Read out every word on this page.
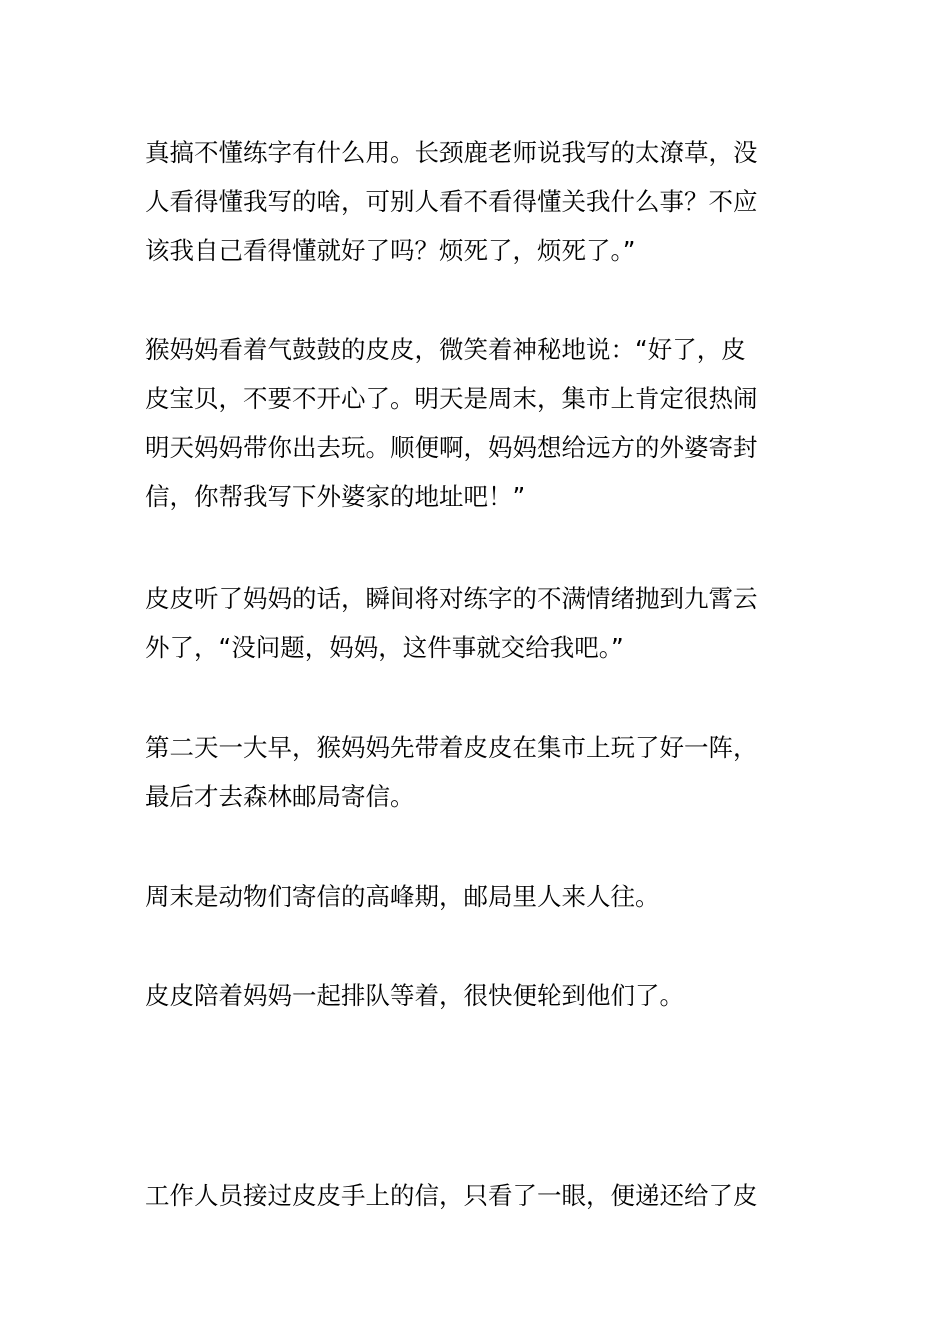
真搞不懂练字有什么用。长颈鹿老师说我写的太潦草，没
人看得懂我写的啥，可别人看不看得懂关我什么事？不应
该我自己看得懂就好了吗？烦死了，烦死了。”
猴妈妈看着气鼓鼓的皮皮，微笑着神秘地说：“好了，皮
皮宝贝，不要不开心了。明天是周末，集市上肯定很热闹
明天妈妈带你出去玩。顺便啊，妈妈想给远方的外婆寄封
信，你帮我写下外婆家的地址吧！”
皮皮听了妈妈的话，瞬间将对练字的不满情绪抛到九霄云
外了，“没问题，妈妈，这件事就交给我吧。”
第二天一大早，猴妈妈先带着皮皮在集市上玩了好一阵，
最后才去森林邮局寄信。
周末是动物们寄信的高峰期，邮局里人来人往。
皮皮陪着妈妈一起排队等着，很快便轮到他们了。
工作人员接过皮皮手上的信，只看了一眼，便递还给了皮
